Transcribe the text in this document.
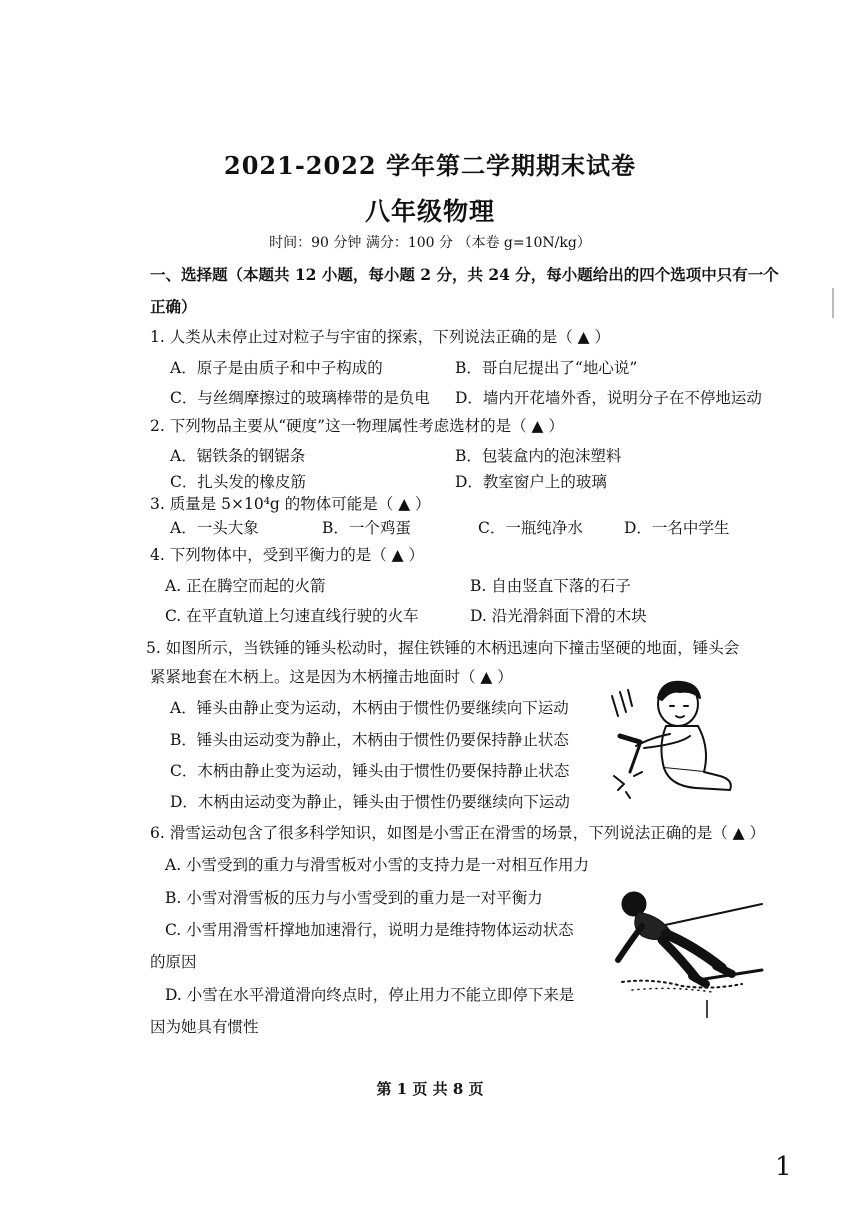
2021-2022 学年第二学期期末试卷
八年级物理
时间：90 分钟 满分：100 分 （本卷 g=10N/kg）
一、选择题（本题共 12 小题，每小题 2 分，共 24 分，每小题给出的四个选项中只有一个
正确）
1. 人类从未停止过对粒子与宇宙的探索，下列说法正确的是（ ▲ ）
A．原子是由质子和中子构成的	B．哥白尼提出了“地心说”
C．与丝绸摩擦过的玻璃棒带的是负电 D．墙内开花墙外香，说明分子在不停地运动
2. 下列物品主要从“硬度”这一物理属性考虑选材的是（ ▲ ）
A．锯铁条的钢锯条	B．包装盒内的泡沫塑料
C．扎头发的橡皮筋	D．教室窗户上的玻璃
3. 质量是 5×10⁴g 的物体可能是（ ▲ ）
A．一头大象	B．一个鸡蛋	C．一瓶纯净水	D．一名中学生
4. 下列物体中，受到平衡力的是（ ▲ ）
A. 正在腾空而起的火箭	B. 自由竖直下落的石子
C. 在平直轨道上匀速直线行驶的火车	D. 沿光滑斜面下滑的木块
5. 如图所示，当铁锤的锤头松动时，握住铁锤的木柄迅速向下撞击坚硬的地面，锤头会
紧紧地套在木柄上。这是因为木柄撞击地面时（ ▲ ）
A．锤头由静止变为运动，木柄由于惯性仍要继续向下运动
B．锤头由运动变为静止，木柄由于惯性仍要保持静止状态
C．木柄由静止变为运动，锤头由于惯性仍要保持静止状态
D．木柄由运动变为静止，锤头由于惯性仍要继续向下运动
6. 滑雪运动包含了很多科学知识，如图是小雪正在滑雪的场景，下列说法正确的是（ ▲ ）
A. 小雪受到的重力与滑雪板对小雪的支持力是一对相互作用力
B. 小雪对滑雪板的压力与小雪受到的重力是一对平衡力
C. 小雪用滑雪杆撑地加速滑行，说明力是维持物体运动状态
的原因
D. 小雪在水平滑道滑向终点时，停止用力不能立即停下来是
因为她具有惯性
第 1 页 共 8 页
1
